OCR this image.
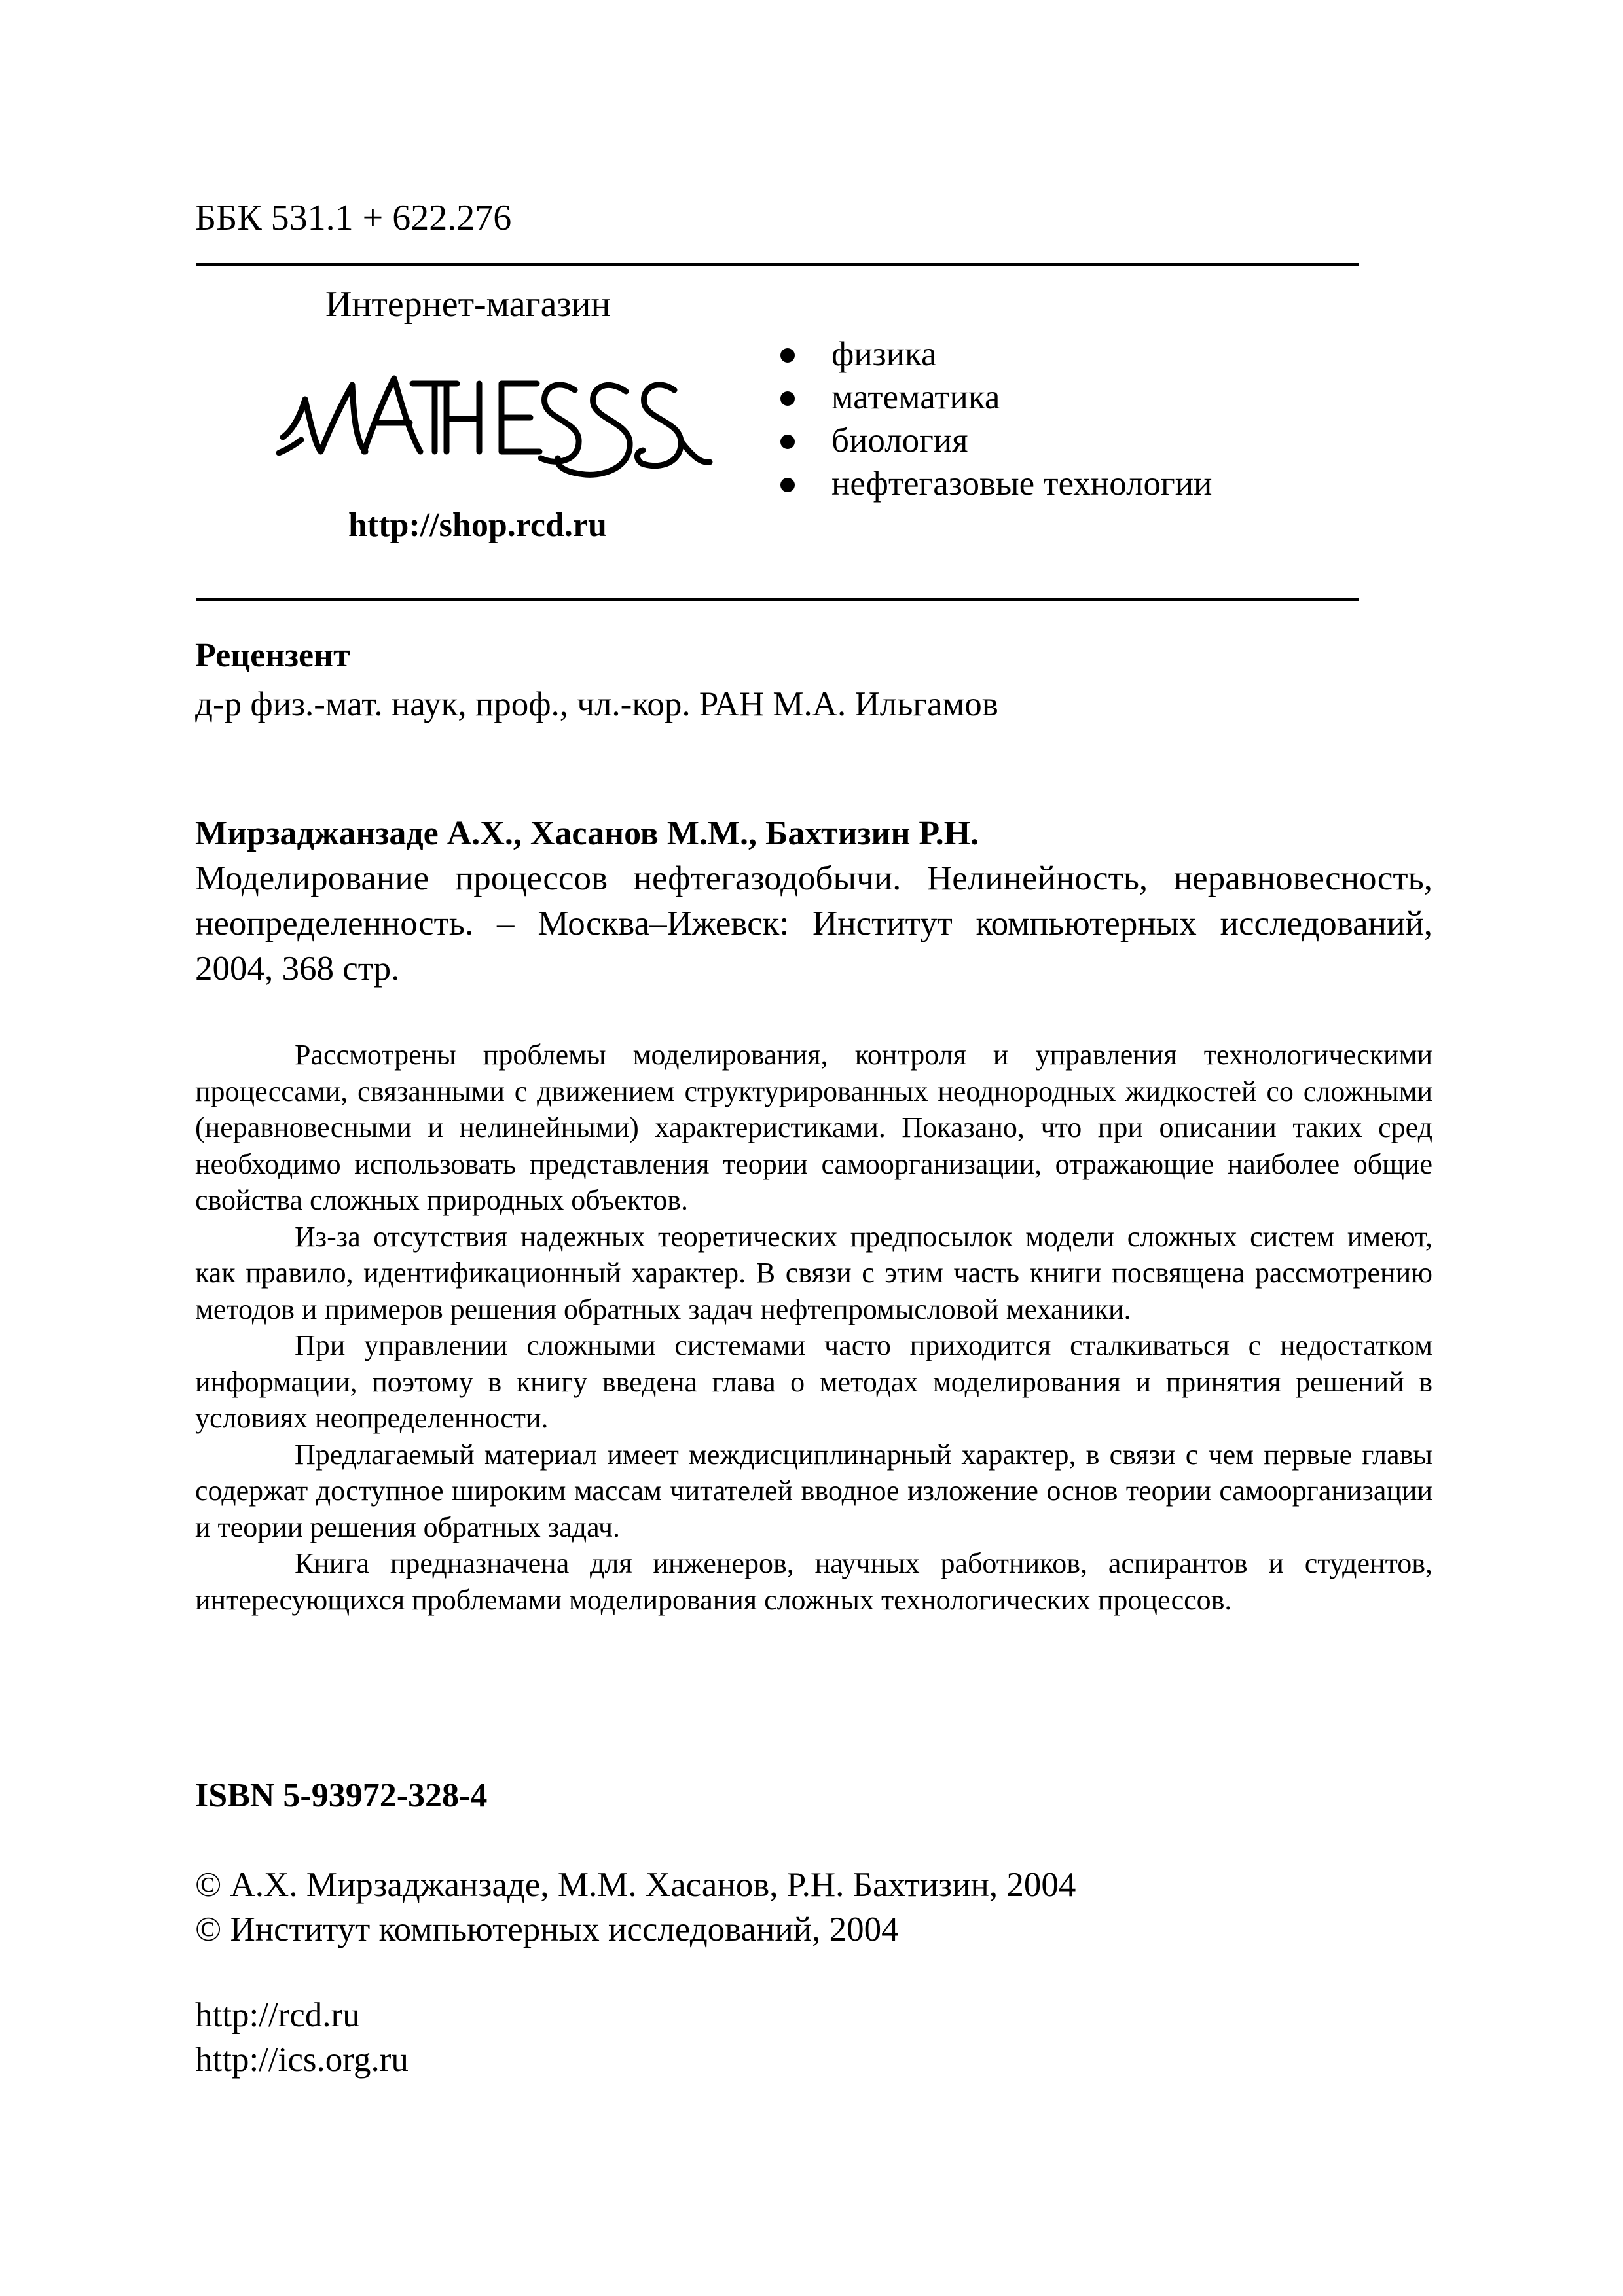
ББК 531.1 + 622.276
Интернет-магазин
http://shop.rcd.ru
физика
математика
биология
нефтегазовые технологии
Рецензент
д-р физ.-мат. наук, проф., чл.-кор. РАН М.А. Ильгамов
Мирзаджанзаде А.Х., Хасанов М.М., Бахтизин Р.Н.
Моделирование процессов нефтегазодобычи. Нелинейность, неравновесность, неопределенность. – Москва–Ижевск: Институт компьютерных исследований, 2004, 368 стр.

Рассмотрены проблемы моделирования, контроля и управления технологическими процессами, связанными с движением структурированных неоднородных жидкостей со сложными (неравновесными и нелинейными) характеристиками. Показано, что при описании таких сред необходимо использовать представления теории самоорганизации, отражающие наиболее общие свойства сложных природных объектов.

Из-за отсутствия надежных теоретических предпосылок модели сложных систем имеют, как правило, идентификационный характер. В связи с этим часть книги посвящена рассмотрению методов и примеров решения обратных задач нефтепромысловой механики.

При управлении сложными системами часто приходится сталкиваться с недостатком информации, поэтому в книгу введена глава о методах моделирования и принятия решений в условиях неопределенности.

Предлагаемый материал имеет междисциплинарный характер, в связи с чем первые главы содержат доступное широким массам читателей вводное изложение основ теории самоорганизации и теории решения обратных задач.

Книга предназначена для инженеров, научных работников, аспирантов и студентов, интересующихся проблемами моделирования сложных технологических процессов.

ISBN 5-93972-328-4
© А.Х. Мирзаджанзаде, М.М. Хасанов, Р.Н. Бахтизин, 2004
© Институт компьютерных исследований, 2004
http://rcd.ru
http://ics.org.ru
